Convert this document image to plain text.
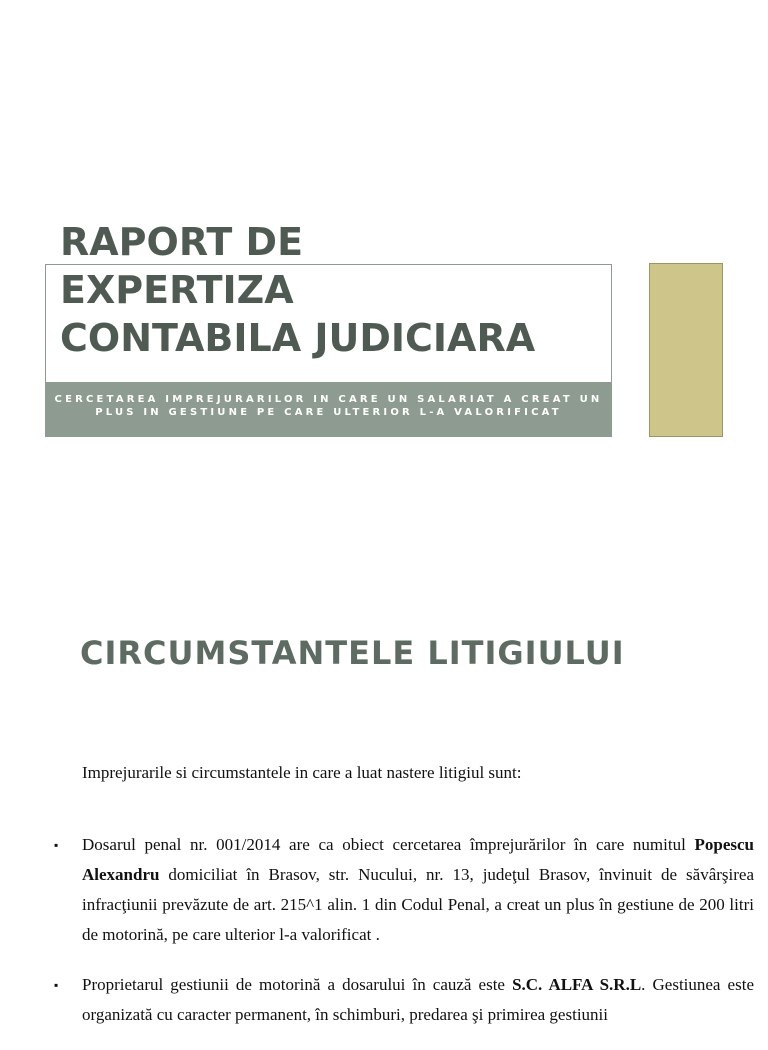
RAPORT DE
EXPERTIZA
CONTABILA JUDICIARA
CERCETAREA IMPREJURARILOR IN CARE UN SALARIAT A CREAT UN
PLUS IN GESTIUNE PE CARE ULTERIOR L-A VALORIFICAT
CIRCUMSTANTELE LITIGIULUI
Imprejurarile si circumstantele in care a luat nastere litigiul sunt:
▪ Dosarul penal nr. 001/2014 are ca obiect cercetarea împrejurărilor în care numitul Popescu Alexandru domiciliat în Brasov, str. Nucului, nr. 13, judeţul Brasov, învinuit de săvârşirea infracţiunii prevăzute de art. 215^1 alin. 1 din Codul Penal, a creat un plus în gestiune de 200 litri de motorină, pe care ulterior l-a valorificat .
▪ Proprietarul gestiunii de motorină a dosarului în cauză este S.C. ALFA S.R.L. Gestiunea este organizată cu caracter permanent, în schimburi, predarea şi primirea gestiunii
